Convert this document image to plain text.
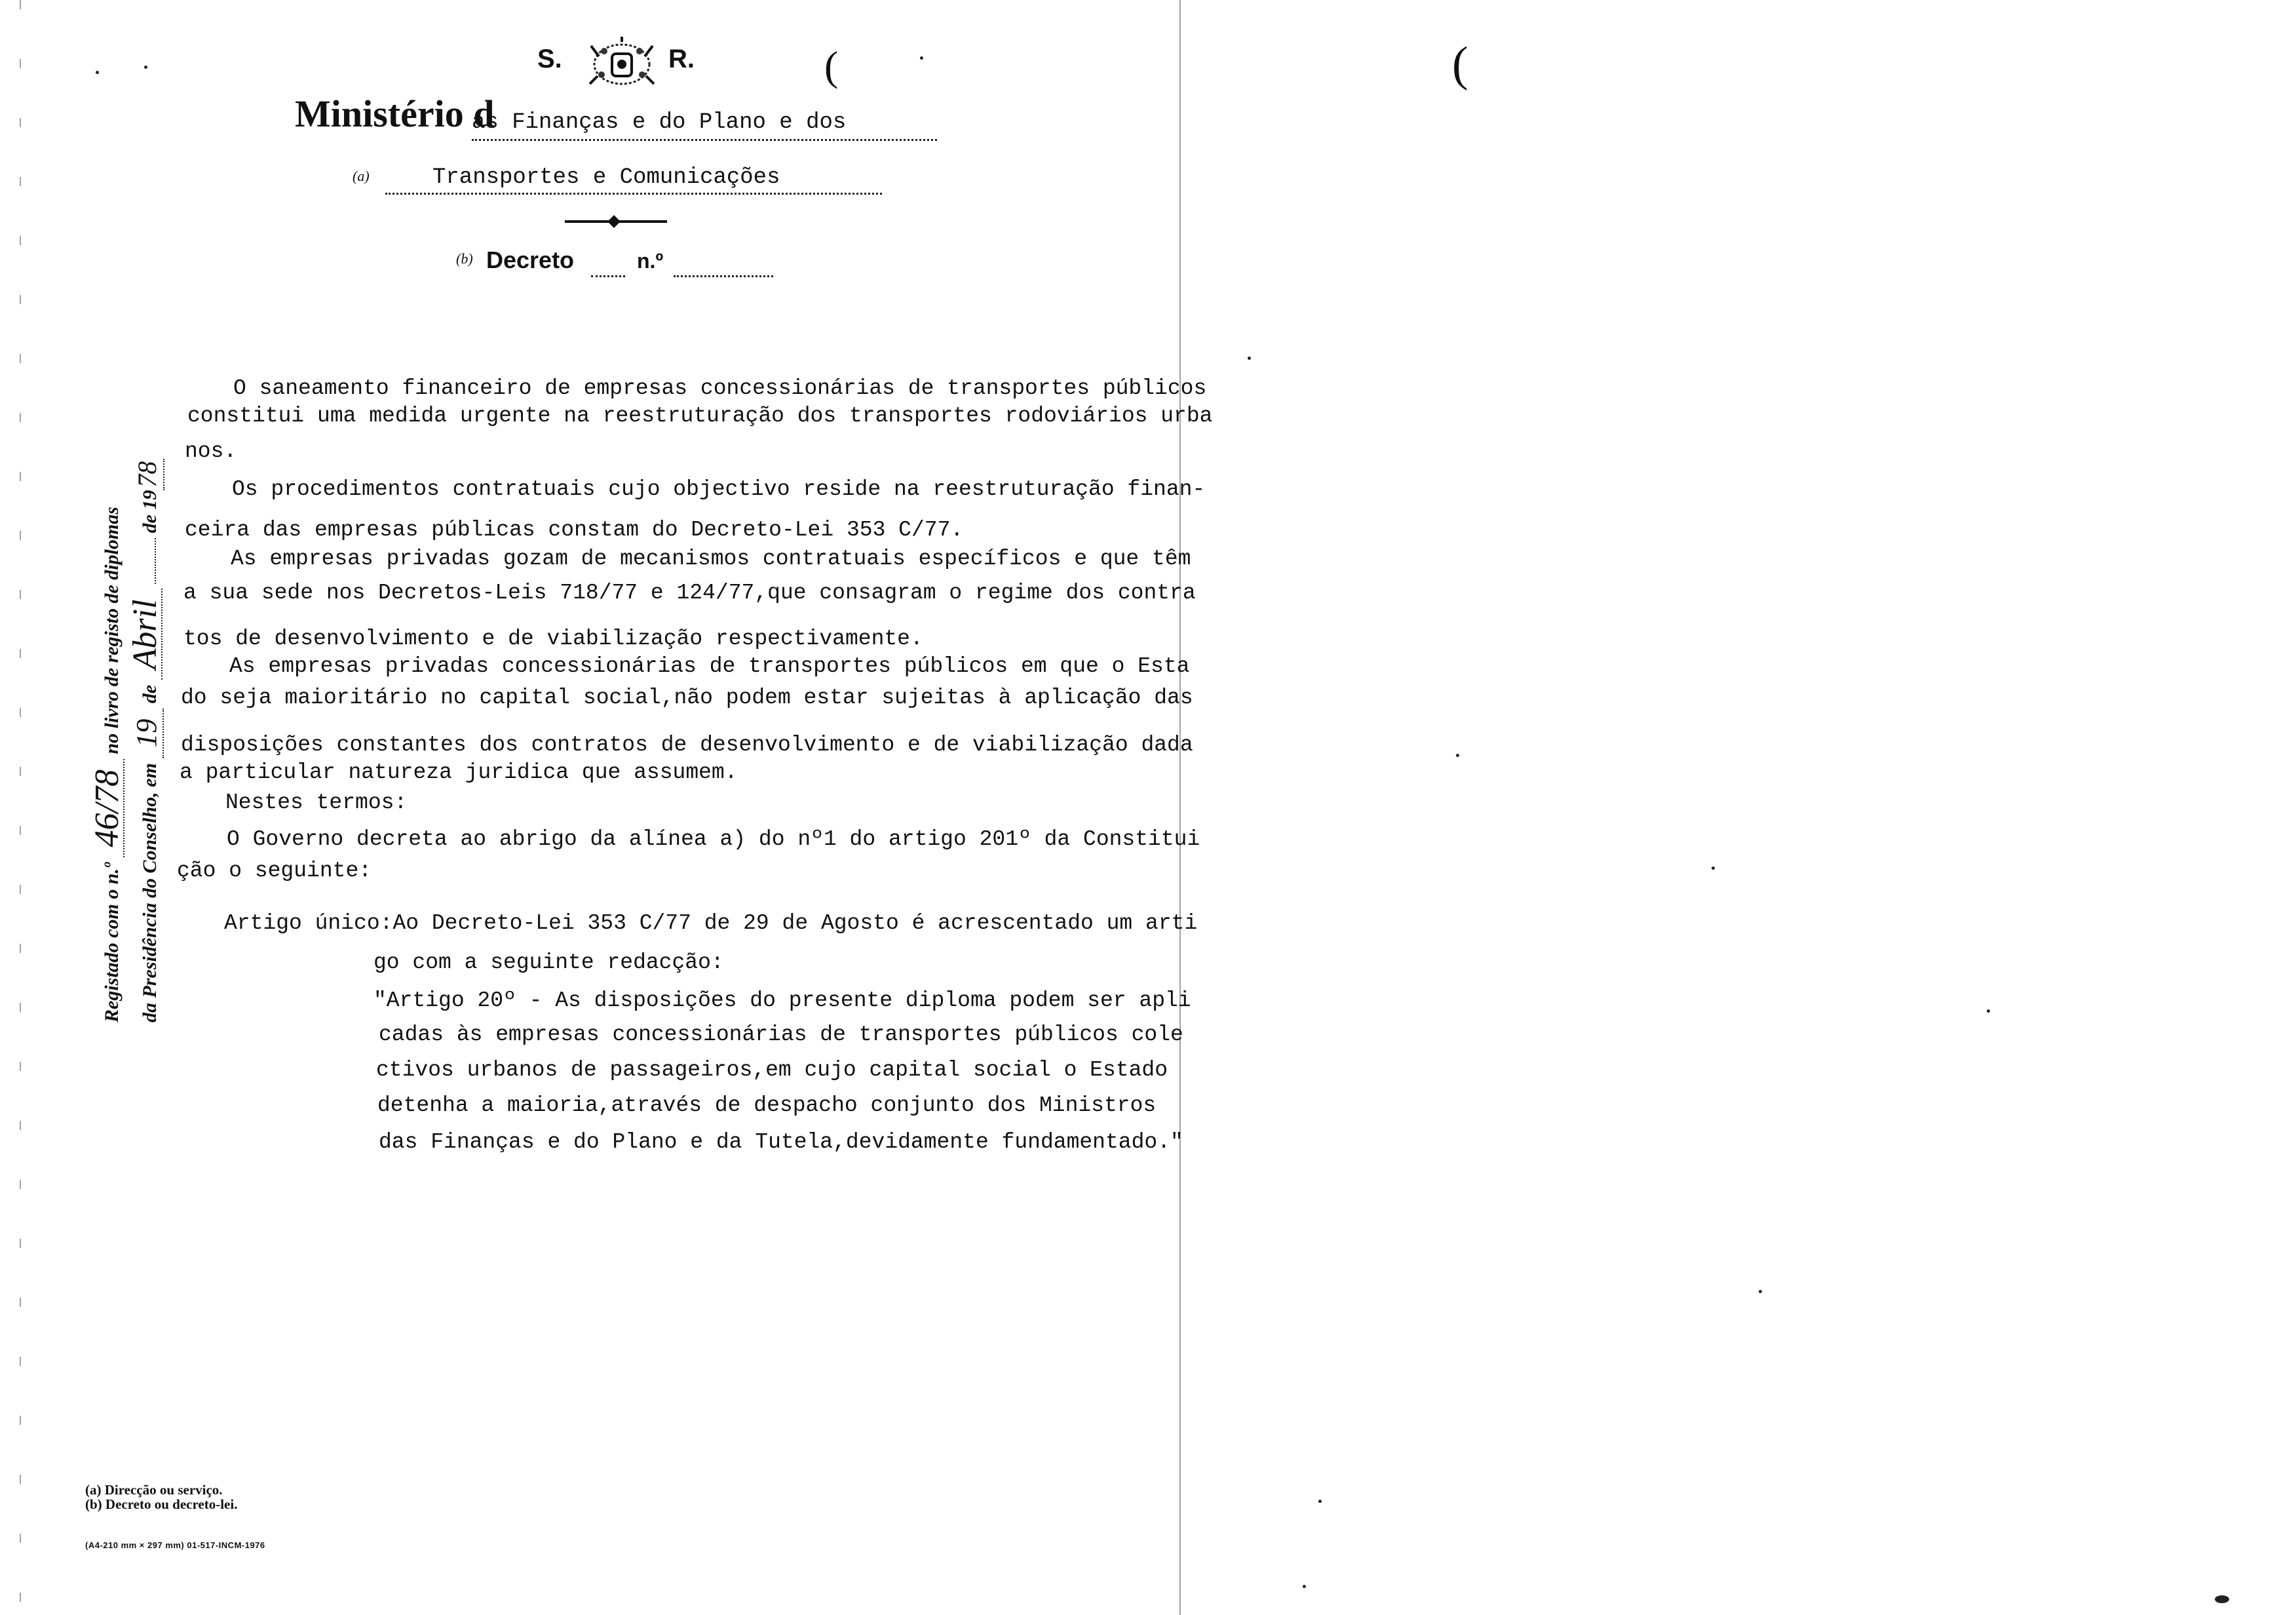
S.	R.	(	(
Ministério d
as Finanças e do Plano e dos
(a)	Transportes e Comunicações
(b) Decreto	n.º
Registado com o n.º 46/78 no livro de registo de diplomas
da Presidência do Conselho, em 19 de Abril  de 1978
O saneamento financeiro de empresas concessionárias de transportes públicos
constitui uma medida urgente na reestruturação dos transportes rodoviários urba
nos.
Os procedimentos contratuais cujo objectivo reside na reestruturação finan-
ceira das empresas públicas constam do Decreto-Lei 353 C/77.
As empresas privadas gozam de mecanismos contratuais específicos e que têm
a sua sede nos Decretos-Leis 718/77 e 124/77,que consagram o regime dos contra
tos de desenvolvimento e de viabilização respectivamente.
As empresas privadas concessionárias de transportes públicos em que o Esta
do seja maioritário no capital social,não podem estar sujeitas à aplicação das
disposições constantes dos contratos de desenvolvimento e de viabilização dada
a particular natureza juridica que assumem.
Nestes termos:
O Governo decreta ao abrigo da alínea a) do nº1 do artigo 201º da Constitui
ção o seguinte:
Artigo único:Ao Decreto-Lei 353 C/77 de 29 de Agosto é acrescentado um arti
go com a seguinte redacção:
"Artigo 20º - As disposições do presente diploma podem ser apli
cadas às empresas concessionárias de transportes públicos cole
ctivos urbanos de passageiros,em cujo capital social o Estado
detenha a maioria,através de despacho conjunto dos Ministros
das Finanças e do Plano e da Tutela,devidamente fundamentado."
(a) Direcção ou serviço.
(b) Decreto ou decreto-lei.
(A4-210 mm × 297 mm) 01-517-INCM-1976
